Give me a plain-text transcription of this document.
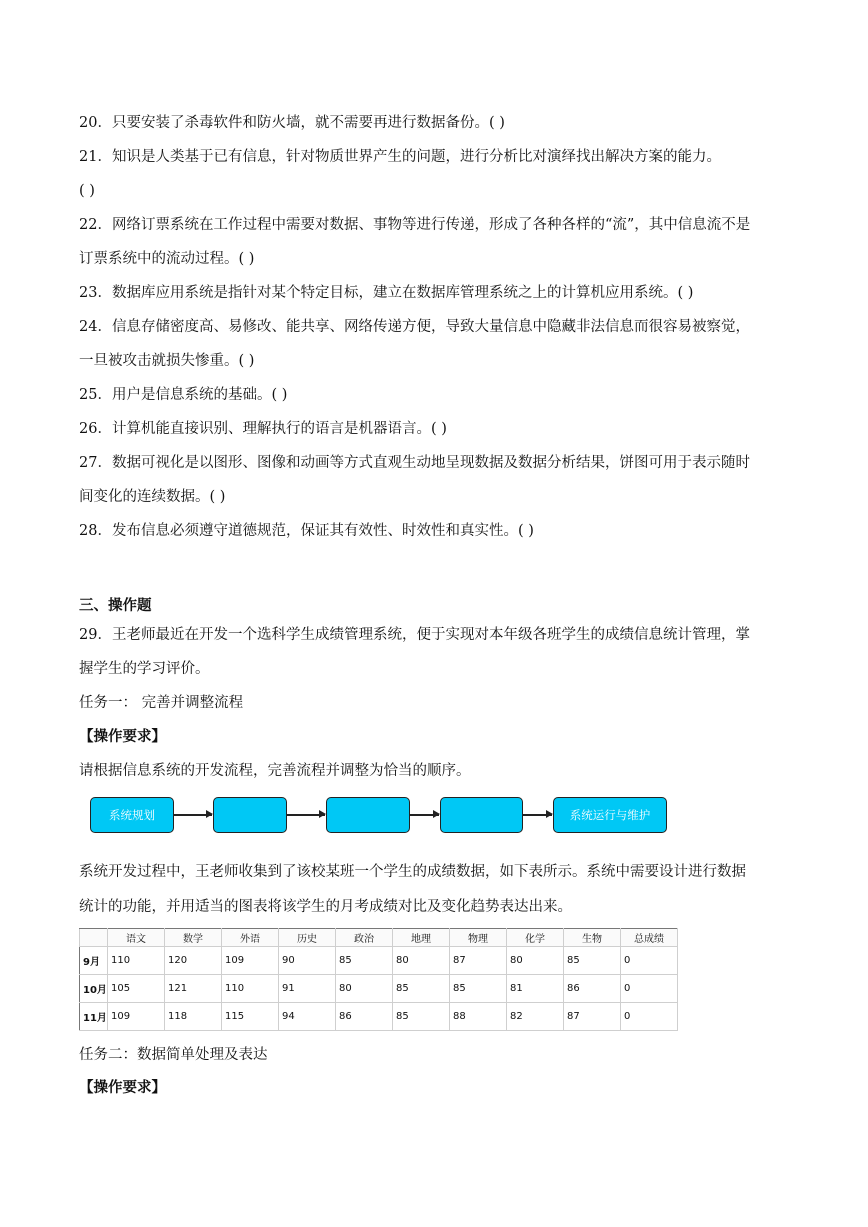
20．只要安装了杀毒软件和防火墙，就不需要再进行数据备份。( )
21．知识是人类基于已有信息，针对物质世界产生的问题，进行分析比对演绎找出解决方案的能力。
( )
22．网络订票系统在工作过程中需要对数据、事物等进行传递，形成了各种各样的“流”，其中信息流不是
订票系统中的流动过程。( )
23．数据库应用系统是指针对某个特定目标，建立在数据库管理系统之上的计算机应用系统。( )
24．信息存储密度高、易修改、能共享、网络传递方便，导致大量信息中隐藏非法信息而很容易被察觉，
一旦被攻击就损失惨重。( )
25．用户是信息系统的基础。( )
26．计算机能直接识别、理解执行的语言是机器语言。( )
27．数据可视化是以图形、图像和动画等方式直观生动地呈现数据及数据分析结果，饼图可用于表示随时
间变化的连续数据。( )
28．发布信息必须遵守道德规范，保证其有效性、时效性和真实性。( )
三、操作题
29．王老师最近在开发一个选科学生成绩管理系统，便于实现对本年级各班学生的成绩信息统计管理，掌
握学生的学习评价。
任务一： 完善并调整流程
【操作要求】
请根据信息系统的开发流程，完善流程并调整为恰当的顺序。
系统规划	系统运行与维护
系统开发过程中，王老师收集到了该校某班一个学生的成绩数据，如下表所示。系统中需要设计进行数据
统计的功能，并用适当的图表将该学生的月考成绩对比及变化趋势表达出来。
	语文	数学	外语	历史	政治	地理	物理	化学	生物	总成绩
9月	110	120	109	90	85	80	87	80	85	0
10月	105	121	110	91	80	85	85	81	86	0
11月	109	118	115	94	86	85	88	82	87	0
任务二：数据简单处理及表达
【操作要求】
